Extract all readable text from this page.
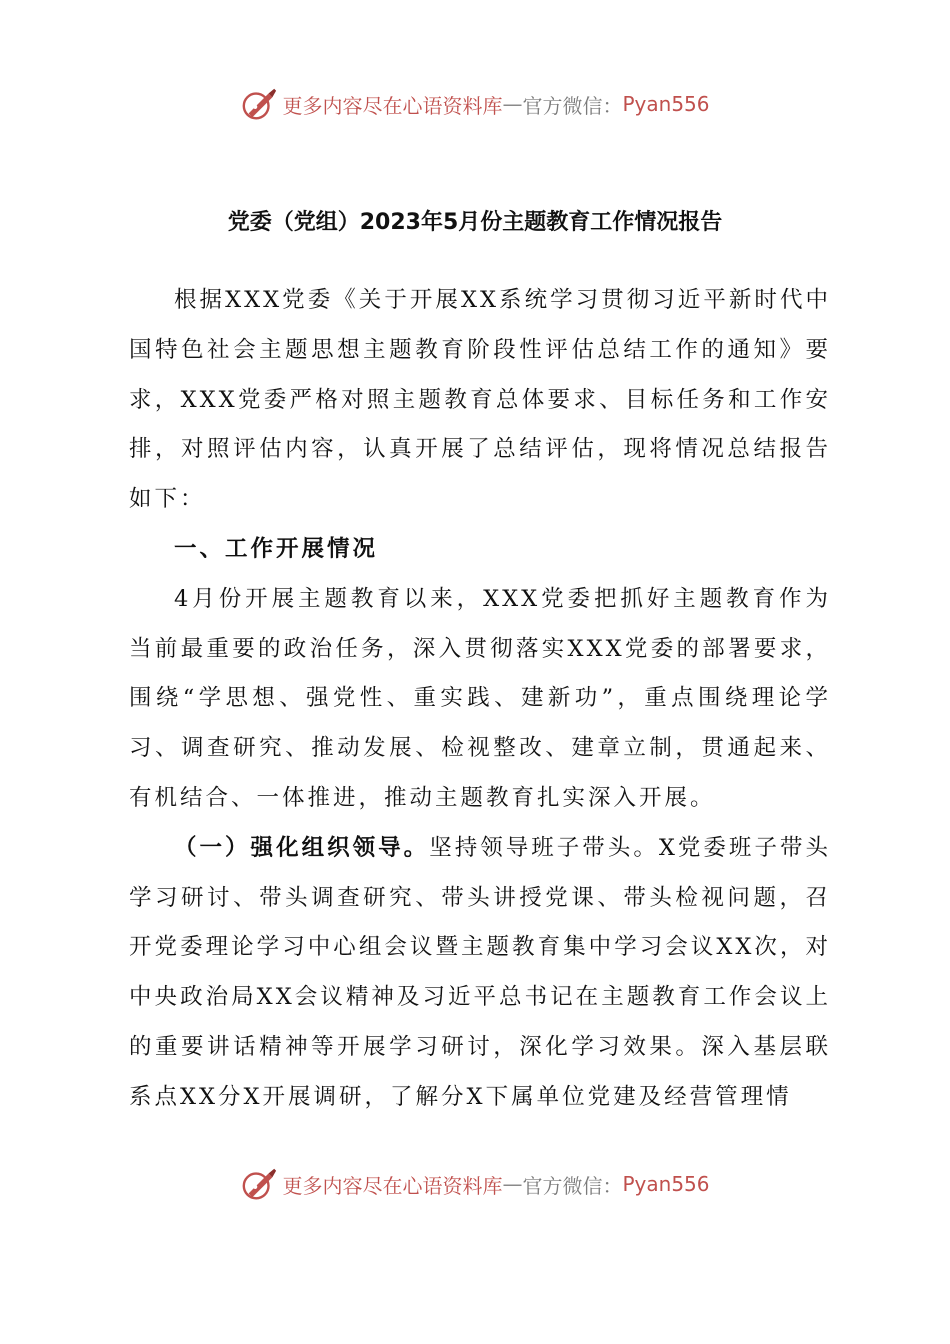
更多内容尽在心语资料库 — 官方微信： Pyan556
党委（党组）2023年5月份主题教育工作情况报告

根据XXX党委《关于开展XX系统学习贯彻习近平新时代中国特色社会主题思想主题教育阶段性评估总结工作的通知》要求，XXX党委严格对照主题教育总体要求、目标任务和工作安排，对照评估内容，认真开展了总结评估，现将情况总结报告如下：

一、工作开展情况

4月份开展主题教育以来，XXX党委把抓好主题教育作为当前最重要的政治任务，深入贯彻落实XXX党委的部署要求，围绕“学思想、强党性、重实践、建新功”，重点围绕理论学习、调查研究、推动发展、检视整改、建章立制，贯通起来、有机结合、一体推进，推动主题教育扎实深入开展。

（一）强化组织领导。坚持领导班子带头。X党委班子带头学习研讨、带头调查研究、带头讲授党课、带头检视问题，召开党委理论学习中心组会议暨主题教育集中学习会议XX次，对中央政治局XX会议精神及习近平总书记在主题教育工作会议上的重要讲话精神等开展学习研讨，深化学习效果。深入基层联系点XX分X开展调研，了解分X下属单位党建及经营管理情

更多内容尽在心语资料库 — 官方微信： Pyan556
